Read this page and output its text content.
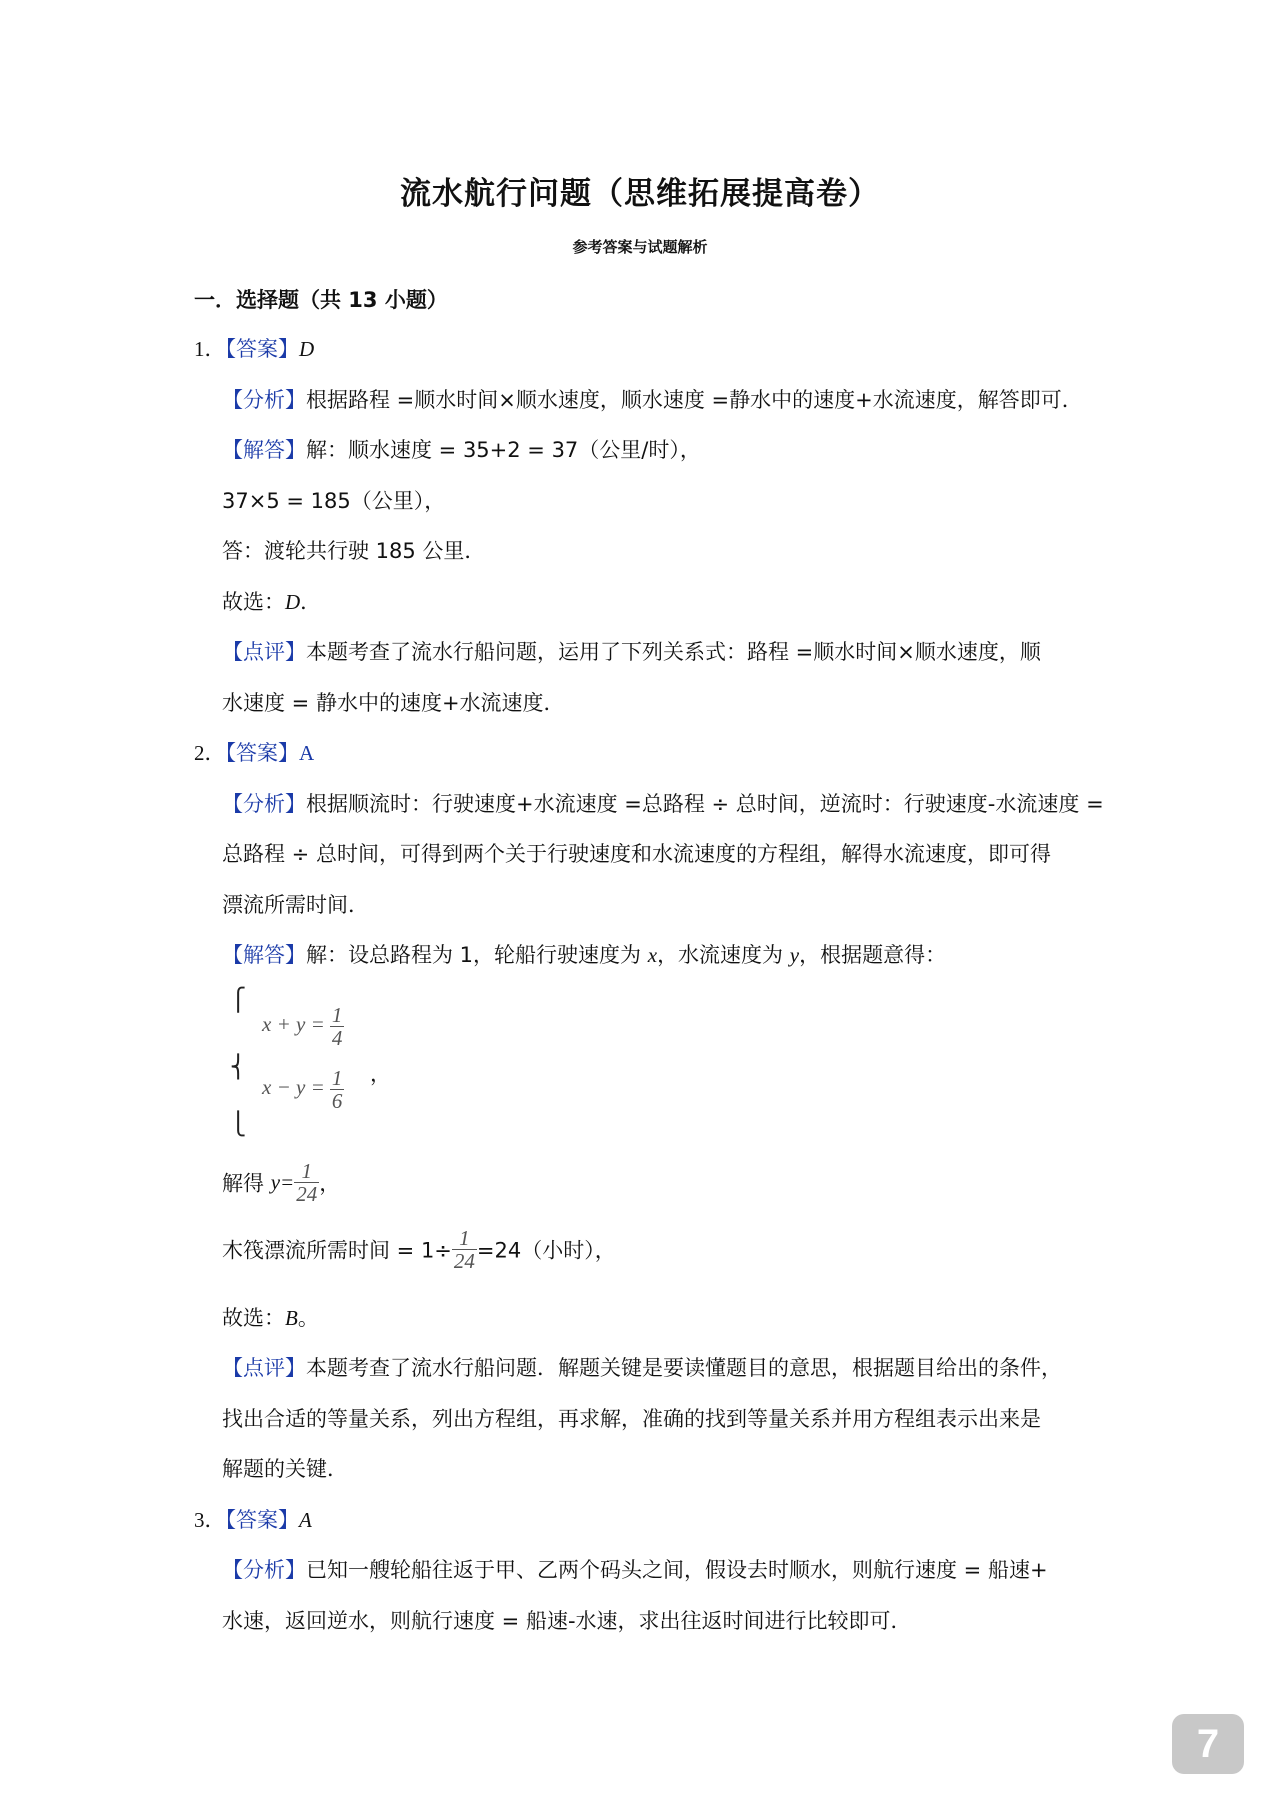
流水航行问题（思维拓展提高卷）
参考答案与试题解析
一．选择题（共 13 小题）
1．【答案】D
【分析】根据路程 =顺水时间×顺水速度，顺水速度 =静水中的速度+水流速度，解答即可．
【解答】解：顺水速度 = 35+2 = 37（公里/时），
37×5 = 185（公里），
答：渡轮共行驶 185 公里．
故选：D．
【点评】本题考查了流水行船问题，运用了下列关系式：路程 =顺水时间×顺水速度，顺
水速度 = 静水中的速度+水流速度．
2．【答案】A
【分析】根据顺流时：行驶速度+水流速度 =总路程 ÷ 总时间，逆流时：行驶速度-水流速度 =
总路程 ÷ 总时间，可得到两个关于行驶速度和水流速度的方程组，解得水流速度，即可得
漂流所需时间．
【解答】解：设总路程为 1，轮船行驶速度为 x，水流速度为 y，根据题意得：
⎧
⎨
⎩
$x + y = \frac{1}{4}$
$x - y = \frac{1}{6}$ ，
解得 $y= \frac{1}{24}$ ，
木筏漂流所需时间 = $1\div \frac{1}{24} =24$（小时），
故选：B。
【点评】本题考查了流水行船问题．解题关键是要读懂题目的意思，根据题目给出的条件，
找出合适的等量关系，列出方程组，再求解，准确的找到等量关系并用方程组表示出来是
解题的关键．
3．【答案】A
【分析】已知一艘轮船往返于甲、乙两个码头之间，假设去时顺水，则航行速度 = 船速+
水速，返回逆水，则航行速度 = 船速-水速，求出往返时间进行比较即可．
7
